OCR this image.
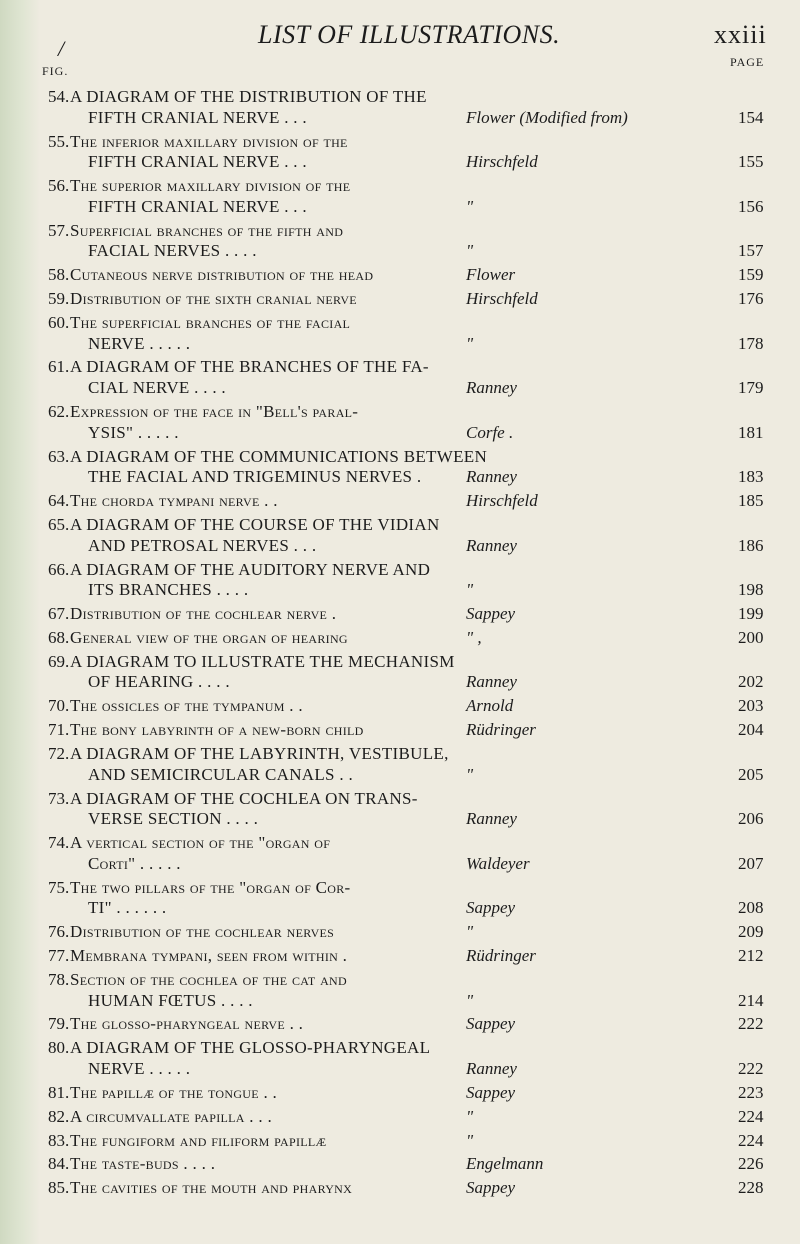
/	LIST OF ILLUSTRATIONS.	xxiii
FIG.
PAGE
54. A DIAGRAM OF THE DISTRIBUTION OF THE
FIFTH CRANIAL NERVE . . .	Flower (Modified from)	154
55. The inferior maxillary division of the
FIFTH CRANIAL NERVE . . .	Hirschfeld	155
56. The superior maxillary division of the
FIFTH CRANIAL NERVE . . .	"	156
57. Superficial branches of the fifth and
FACIAL NERVES . . . .	"	157
58. Cutaneous nerve distribution of the head	Flower	159
59. Distribution of the sixth cranial nerve	Hirschfeld	176
60. The superficial branches of the facial
NERVE . . . . .	"	178
61. A DIAGRAM OF THE BRANCHES OF THE FA-
CIAL NERVE . . . .	Ranney	179
62. Expression of the face in "Bell's paral-
YSIS" . . . . .	Corfe .	181
63. A DIAGRAM OF THE COMMUNICATIONS BETWEEN
THE FACIAL AND TRIGEMINUS NERVES .	Ranney	183
64. The chorda tympani nerve . .	Hirschfeld	185
65. A DIAGRAM OF THE COURSE OF THE VIDIAN
AND PETROSAL NERVES . . .	Ranney	186
66. A DIAGRAM OF THE AUDITORY NERVE AND
ITS BRANCHES . . . .	"	198
67. Distribution of the cochlear nerve .	Sappey	199
68. General view of the organ of hearing	" ,	200
69. A DIAGRAM TO ILLUSTRATE THE MECHANISM
OF HEARING . . . .	Ranney	202
70. The ossicles of the tympanum . .	Arnold	203
71. The bony labyrinth of a new-born child	Rüdringer	204
72. A DIAGRAM OF THE LABYRINTH, VESTIBULE,
AND SEMICIRCULAR CANALS . .	"	205
73. A DIAGRAM OF THE COCHLEA ON TRANS-
VERSE SECTION . . . .	Ranney	206
74. A vertical section of the "organ of
Corti" . . . . .	Waldeyer	207
75. The two pillars of the "organ of Cor-
TI" . . . . . .	Sappey	208
76. Distribution of the cochlear nerves	"	209
77. Membrana tympani, seen from within .	Rüdringer	212
78. Section of the cochlea of the cat and
HUMAN FŒTUS . . . .	"	214
79. The glosso-pharyngeal nerve . .	Sappey	222
80. A DIAGRAM OF THE GLOSSO-PHARYNGEAL
NERVE . . . . .	Ranney	222
81. The papillæ of the tongue . .	Sappey	223
82. A circumvallate papilla . . .	"	224
83. The fungiform and filiform papillæ	"	224
84. The taste-buds . . . .	Engelmann	226
85. The cavities of the mouth and pharynx	Sappey	228
